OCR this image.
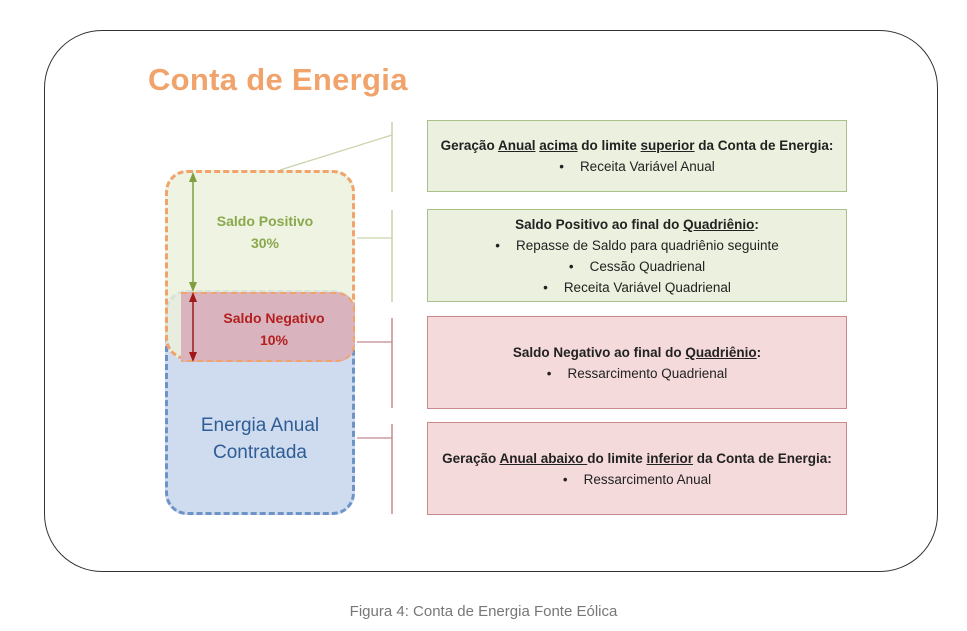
Conta de Energia
Saldo Positivo
30%
Saldo Negativo
10%
Energia Anual
Contratada
Geração Anual acima do limite superior da Conta de Energia:
• Receita Variável Anual
Saldo Positivo ao final do Quadriênio:
• Repasse de Saldo para quadriênio seguinte
• Cessão Quadrienal
• Receita Variável Quadrienal
Saldo Negativo ao final do Quadriênio:
• Ressarcimento Quadrienal
Geração Anual abaixo do limite inferior da Conta de Energia:
• Ressarcimento Anual
Figura 4: Conta de Energia Fonte Eólica
